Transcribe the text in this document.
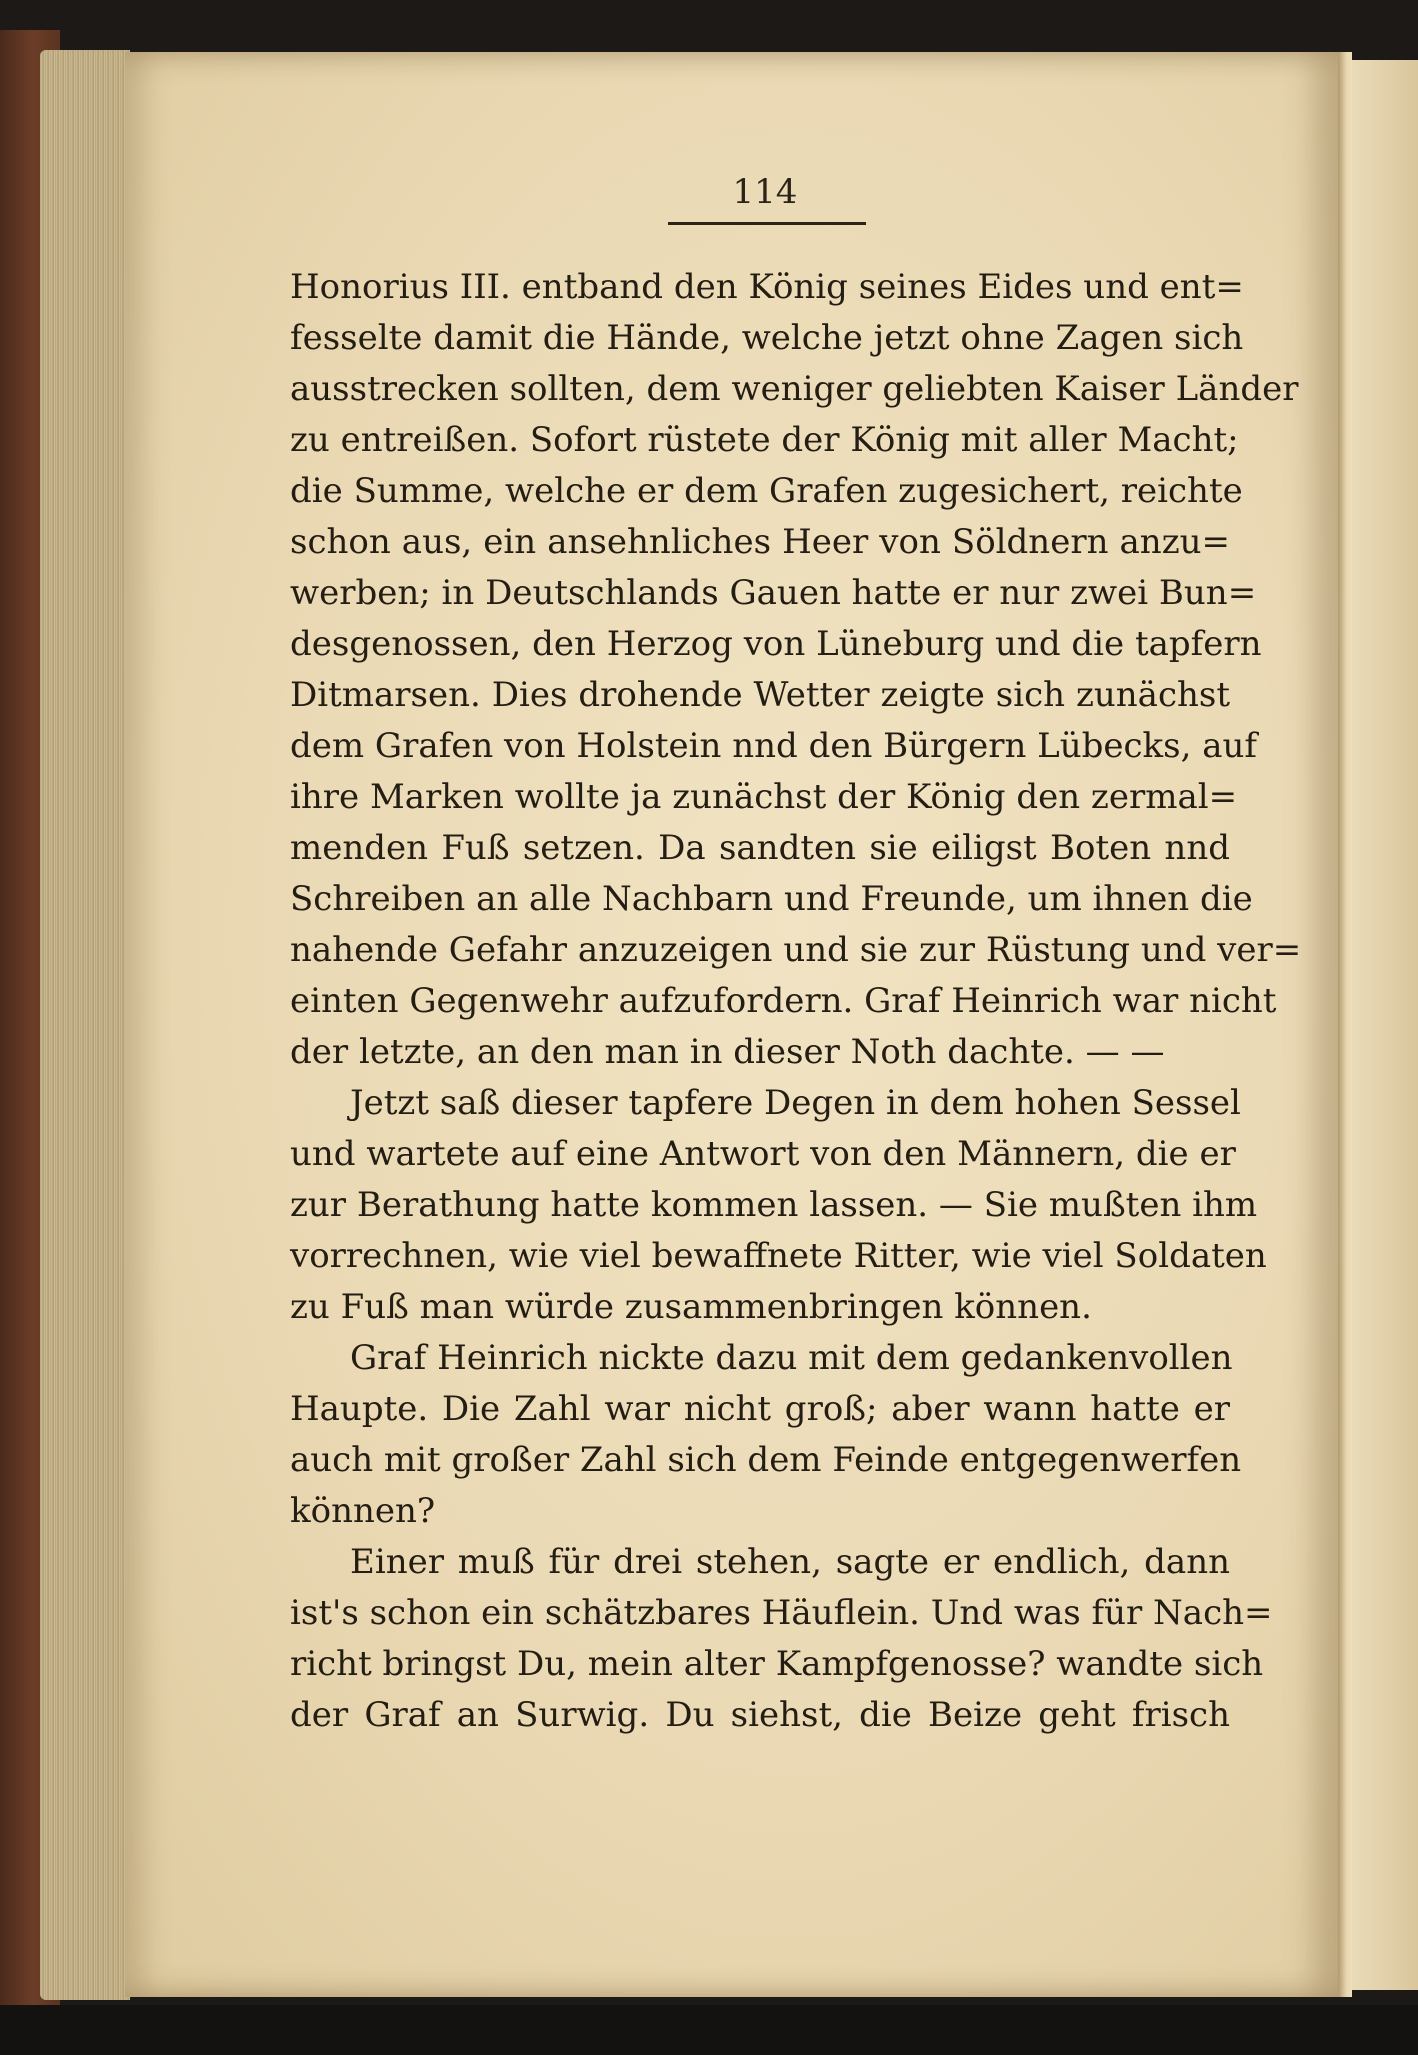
114
Honorius III. entband den König seines Eides und ent=
fesselte damit die Hände, welche jetzt ohne Zagen sich
ausstrecken sollten, dem weniger geliebten Kaiser Länder
zu entreißen. Sofort rüstete der König mit aller Macht;
die Summe, welche er dem Grafen zugesichert, reichte
schon aus, ein ansehnliches Heer von Söldnern anzu=
werben; in Deutschlands Gauen hatte er nur zwei Bun=
desgenossen, den Herzog von Lüneburg und die tapfern
Ditmarsen. Dies drohende Wetter zeigte sich zunächst
dem Grafen von Holstein nnd den Bürgern Lübecks, auf
ihre Marken wollte ja zunächst der König den zermal=
menden Fuß setzen. Da sandten sie eiligst Boten nnd
Schreiben an alle Nachbarn und Freunde, um ihnen die
nahende Gefahr anzuzeigen und sie zur Rüstung und ver=
einten Gegenwehr aufzufordern. Graf Heinrich war nicht
der letzte, an den man in dieser Noth dachte. — —
Jetzt saß dieser tapfere Degen in dem hohen Sessel
und wartete auf eine Antwort von den Männern, die er
zur Berathung hatte kommen lassen. — Sie mußten ihm
vorrechnen, wie viel bewaffnete Ritter, wie viel Soldaten
zu Fuß man würde zusammenbringen können.
Graf Heinrich nickte dazu mit dem gedankenvollen
Haupte. Die Zahl war nicht groß; aber wann hatte er
auch mit großer Zahl sich dem Feinde entgegenwerfen
können?
Einer muß für drei stehen, sagte er endlich, dann
ist's schon ein schätzbares Häuflein. Und was für Nach=
richt bringst Du, mein alter Kampfgenosse? wandte sich
der Graf an Surwig. Du siehst, die Beize geht frisch
